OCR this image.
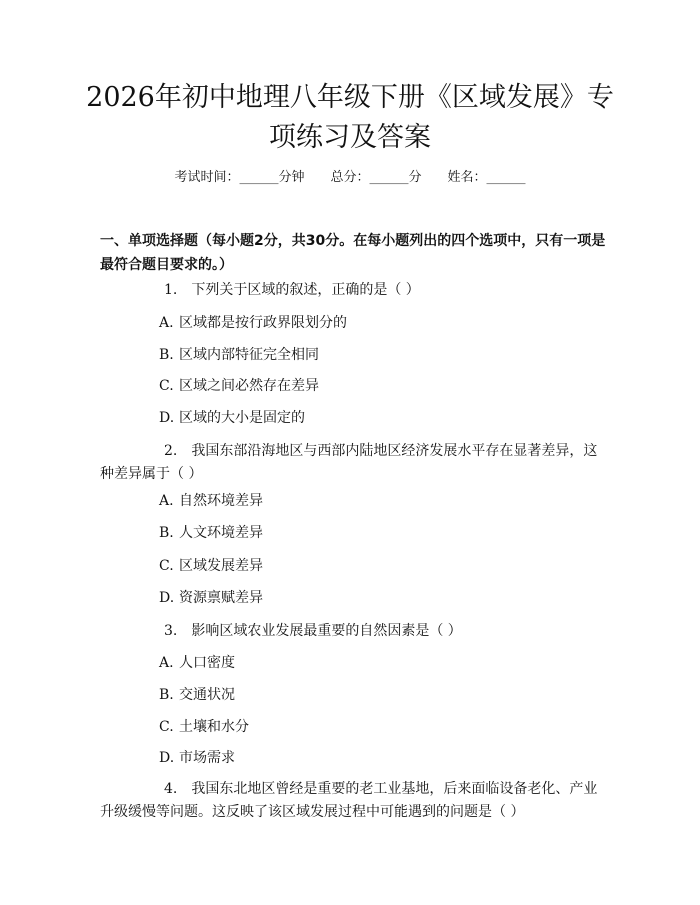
2026年初中地理八年级下册《区域发展》专
项练习及答案
考试时间：______分钟 总分：______分 姓名：______
一、单项选择题（每小题2分，共30分。在每小题列出的四个选项中，只有一项是最符合题目要求的。）
1. 下列关于区域的叙述，正确的是（ ）
A. 区域都是按行政界限划分的
B. 区域内部特征完全相同
C. 区域之间必然存在差异
D. 区域的大小是固定的
2. 我国东部沿海地区与西部内陆地区经济发展水平存在显著差异，这种差异属于（ ）
A. 自然环境差异
B. 人文环境差异
C. 区域发展差异
D. 资源禀赋差异
3. 影响区域农业发展最重要的自然因素是（ ）
A. 人口密度
B. 交通状况
C. 土壤和水分
D. 市场需求
4. 我国东北地区曾经是重要的老工业基地，后来面临设备老化、产业升级缓慢等问题。这反映了该区域发展过程中可能遇到的问题是（ ）
